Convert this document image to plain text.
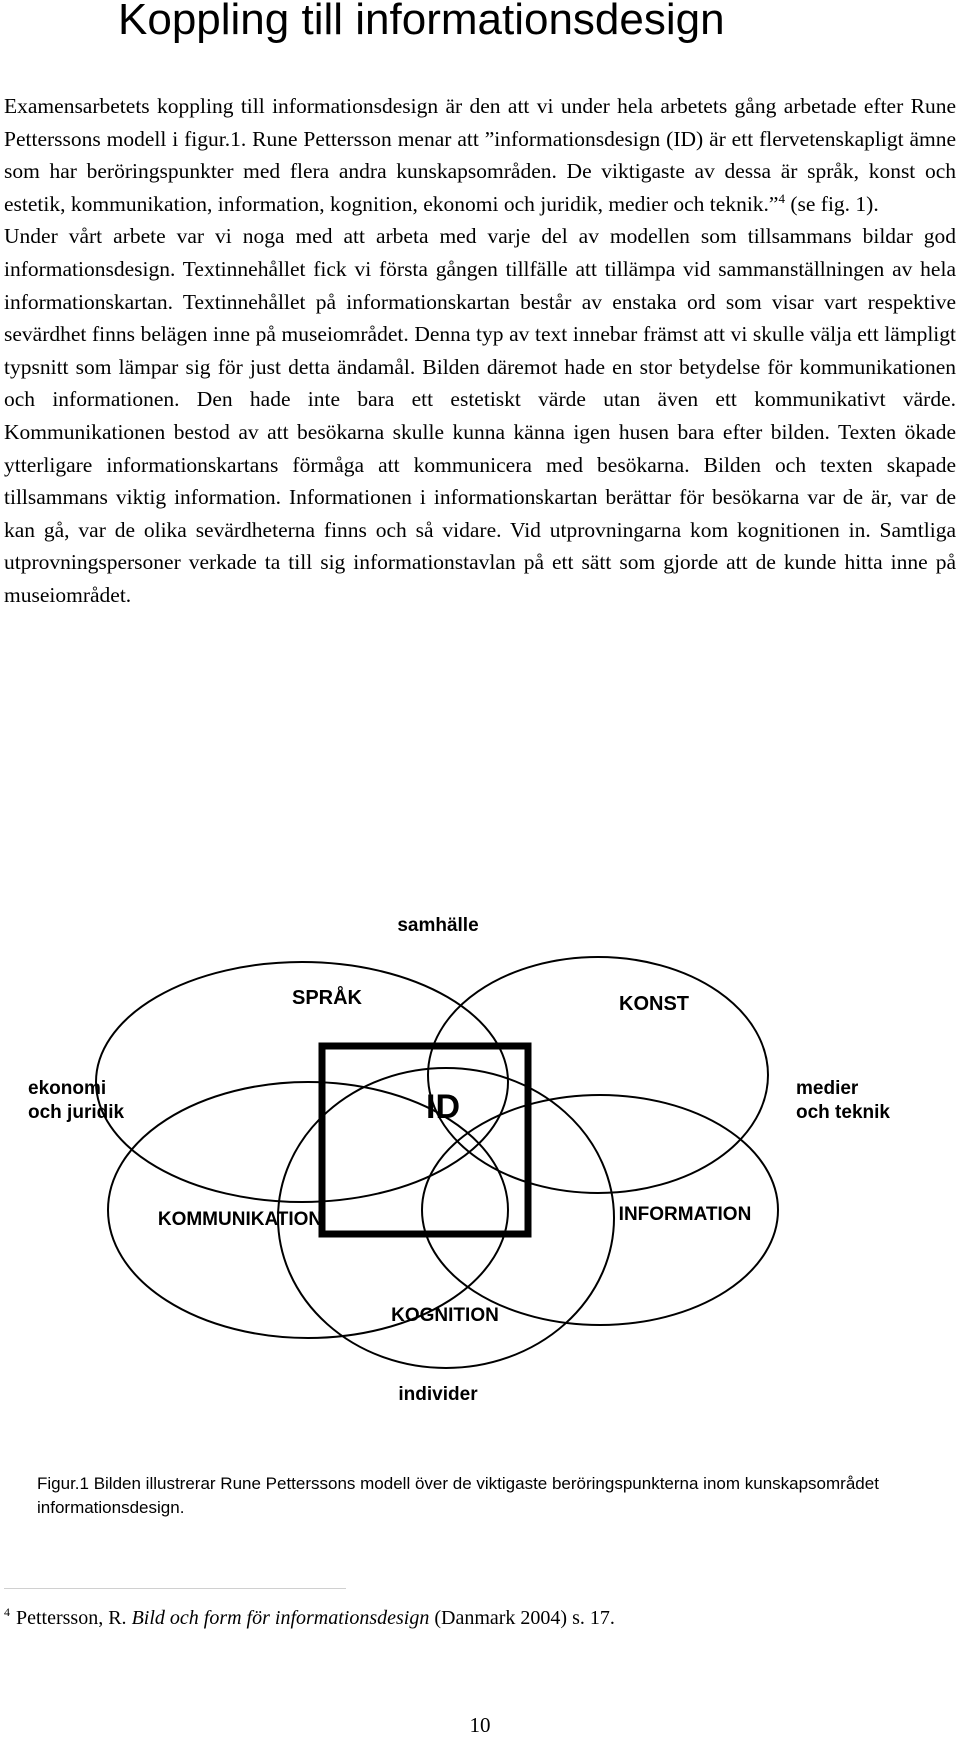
Koppling till informationsdesign

Examensarbetets koppling till informationsdesign är den att vi under hela arbetets gång arbetade efter Rune Petterssons modell i figur.1. Rune Pettersson menar att ”informationsdesign (ID) är ett flervetenskapligt ämne som har beröringspunkter med flera andra kunskapsområden. De viktigaste av dessa är språk, konst och estetik, kommunikation, information, kognition, ekonomi och juridik, medier och teknik.”$^4$ (se fig. 1).

Under vårt arbete var vi noga med att arbeta med varje del av modellen som tillsammans bildar god informationsdesign. Textinnehållet fick vi första gången tillfälle att tillämpa vid sammanställningen av hela informationskartan. Textinnehållet på informationskartan består av enstaka ord som visar vart respektive sevärdhet finns belägen inne på museiområdet. Denna typ av text innebar främst att vi skulle välja ett lämpligt typsnitt som lämpar sig för just detta ändamål. Bilden däremot hade en stor betydelse för kommunikationen och informationen. Den hade inte bara ett estetiskt värde utan även ett kommunikativt värde. Kommunikationen bestod av att besökarna skulle kunna känna igen husen bara efter bilden. Texten ökade ytterligare informationskartans förmåga att kommunicera med besökarna. Bilden och texten skapade tillsammans viktig information. Informationen i informationskartan berättar för besökarna var de är, var de kan gå, var de olika sevärdheterna finns och så vidare. Vid utprovningarna kom kognitionen in. Samtliga utprovningspersoner verkade ta till sig informationstavlan på ett sätt som gjorde att de kunde hitta inne på museiområdet.

samhälle
SPRÅK	KONST
ID
ekonomi
och juridik
medier
och teknik
KOMMUNIKATION	INFORMATION
KOGNITION
individer

Figur.1 Bilden illustrerar Rune Petterssons modell över de viktigaste beröringspunkterna inom kunskapsområdet informationsdesign.

$^4$ Pettersson, R. Bild och form för informationsdesign (Danmark 2004) s. 17.

10
